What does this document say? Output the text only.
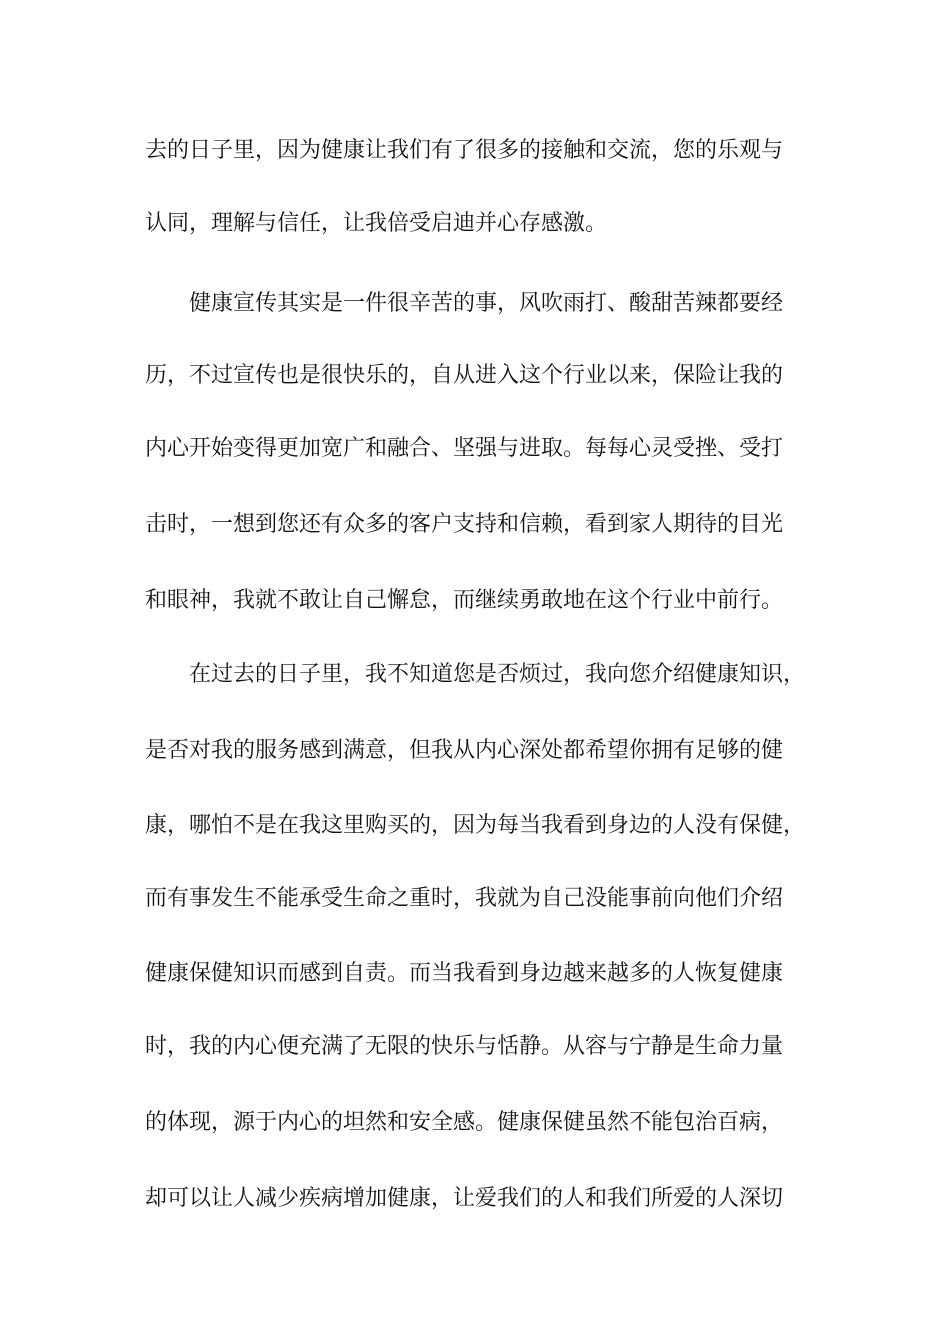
去的日子里，因为健康让我们有了很多的接触和交流，您的乐观与
认同，理解与信任，让我倍受启迪并心存感激。
健康宣传其实是一件很辛苦的事，风吹雨打、酸甜苦辣都要经
历，不过宣传也是很快乐的，自从进入这个行业以来，保险让我的
内心开始变得更加宽广和融合、坚强与进取。每每心灵受挫、受打
击时，一想到您还有众多的客户支持和信赖，看到家人期待的目光
和眼神，我就不敢让自己懈怠，而继续勇敢地在这个行业中前行。
在过去的日子里，我不知道您是否烦过，我向您介绍健康知识，
是否对我的服务感到满意，但我从内心深处都希望你拥有足够的健
康，哪怕不是在我这里购买的，因为每当我看到身边的人没有保健，
而有事发生不能承受生命之重时，我就为自己没能事前向他们介绍
健康保健知识而感到自责。而当我看到身边越来越多的人恢复健康
时，我的内心便充满了无限的快乐与恬静。从容与宁静是生命力量
的体现，源于内心的坦然和安全感。健康保健虽然不能包治百病，
却可以让人减少疾病增加健康，让爱我们的人和我们所爱的人深切
